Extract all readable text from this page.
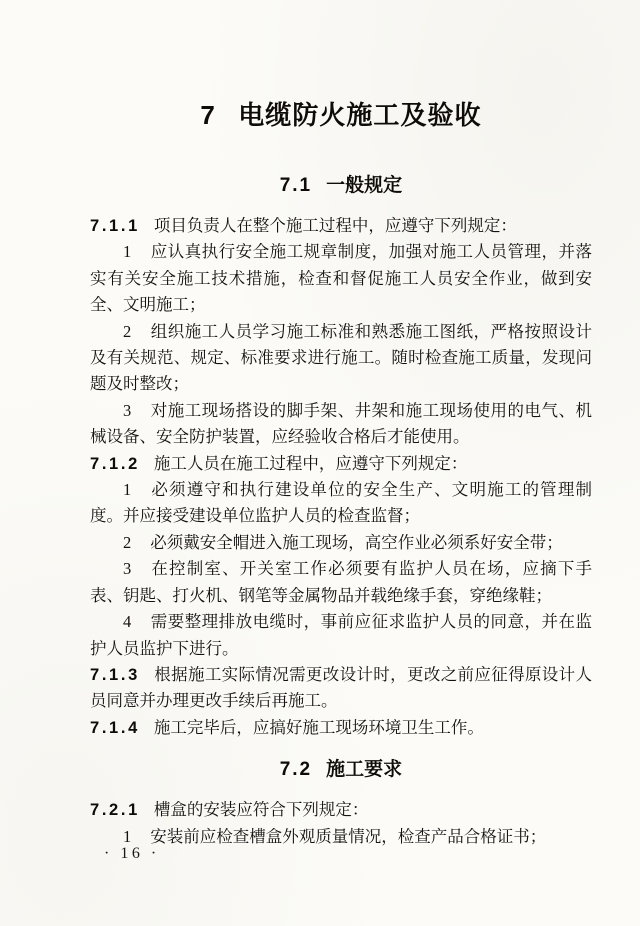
7 电缆防火施工及验收
7.1 一般规定

7.1.1 项目负责人在整个施工过程中，应遵守下列规定：

1 应认真执行安全施工规章制度，加强对施工人员管理，并落实有关安全施工技术措施，检查和督促施工人员安全作业，做到安全、文明施工；

2 组织施工人员学习施工标准和熟悉施工图纸，严格按照设计及有关规范、规定、标准要求进行施工。随时检查施工质量，发现问题及时整改；

3 对施工现场搭设的脚手架、井架和施工现场使用的电气、机械设备、安全防护装置，应经验收合格后才能使用。

7.1.2 施工人员在施工过程中，应遵守下列规定：

1 必须遵守和执行建设单位的安全生产、文明施工的管理制度。并应接受建设单位监护人员的检查监督；

2 必须戴安全帽进入施工现场，高空作业必须系好安全带；

3 在控制室、开关室工作必须要有监护人员在场，应摘下手表、钥匙、打火机、钢笔等金属物品并载绝缘手套，穿绝缘鞋；

4 需要整理排放电缆时，事前应征求监护人员的同意，并在监护人员监护下进行。

7.1.3 根据施工实际情况需更改设计时，更改之前应征得原设计人员同意并办理更改手续后再施工。

7.1.4 施工完毕后，应搞好施工现场环境卫生工作。

7.2 施工要求

7.2.1 槽盒的安装应符合下列规定：

1 安装前应检查槽盒外观质量情况，检查产品合格证书；

· 16 ·
